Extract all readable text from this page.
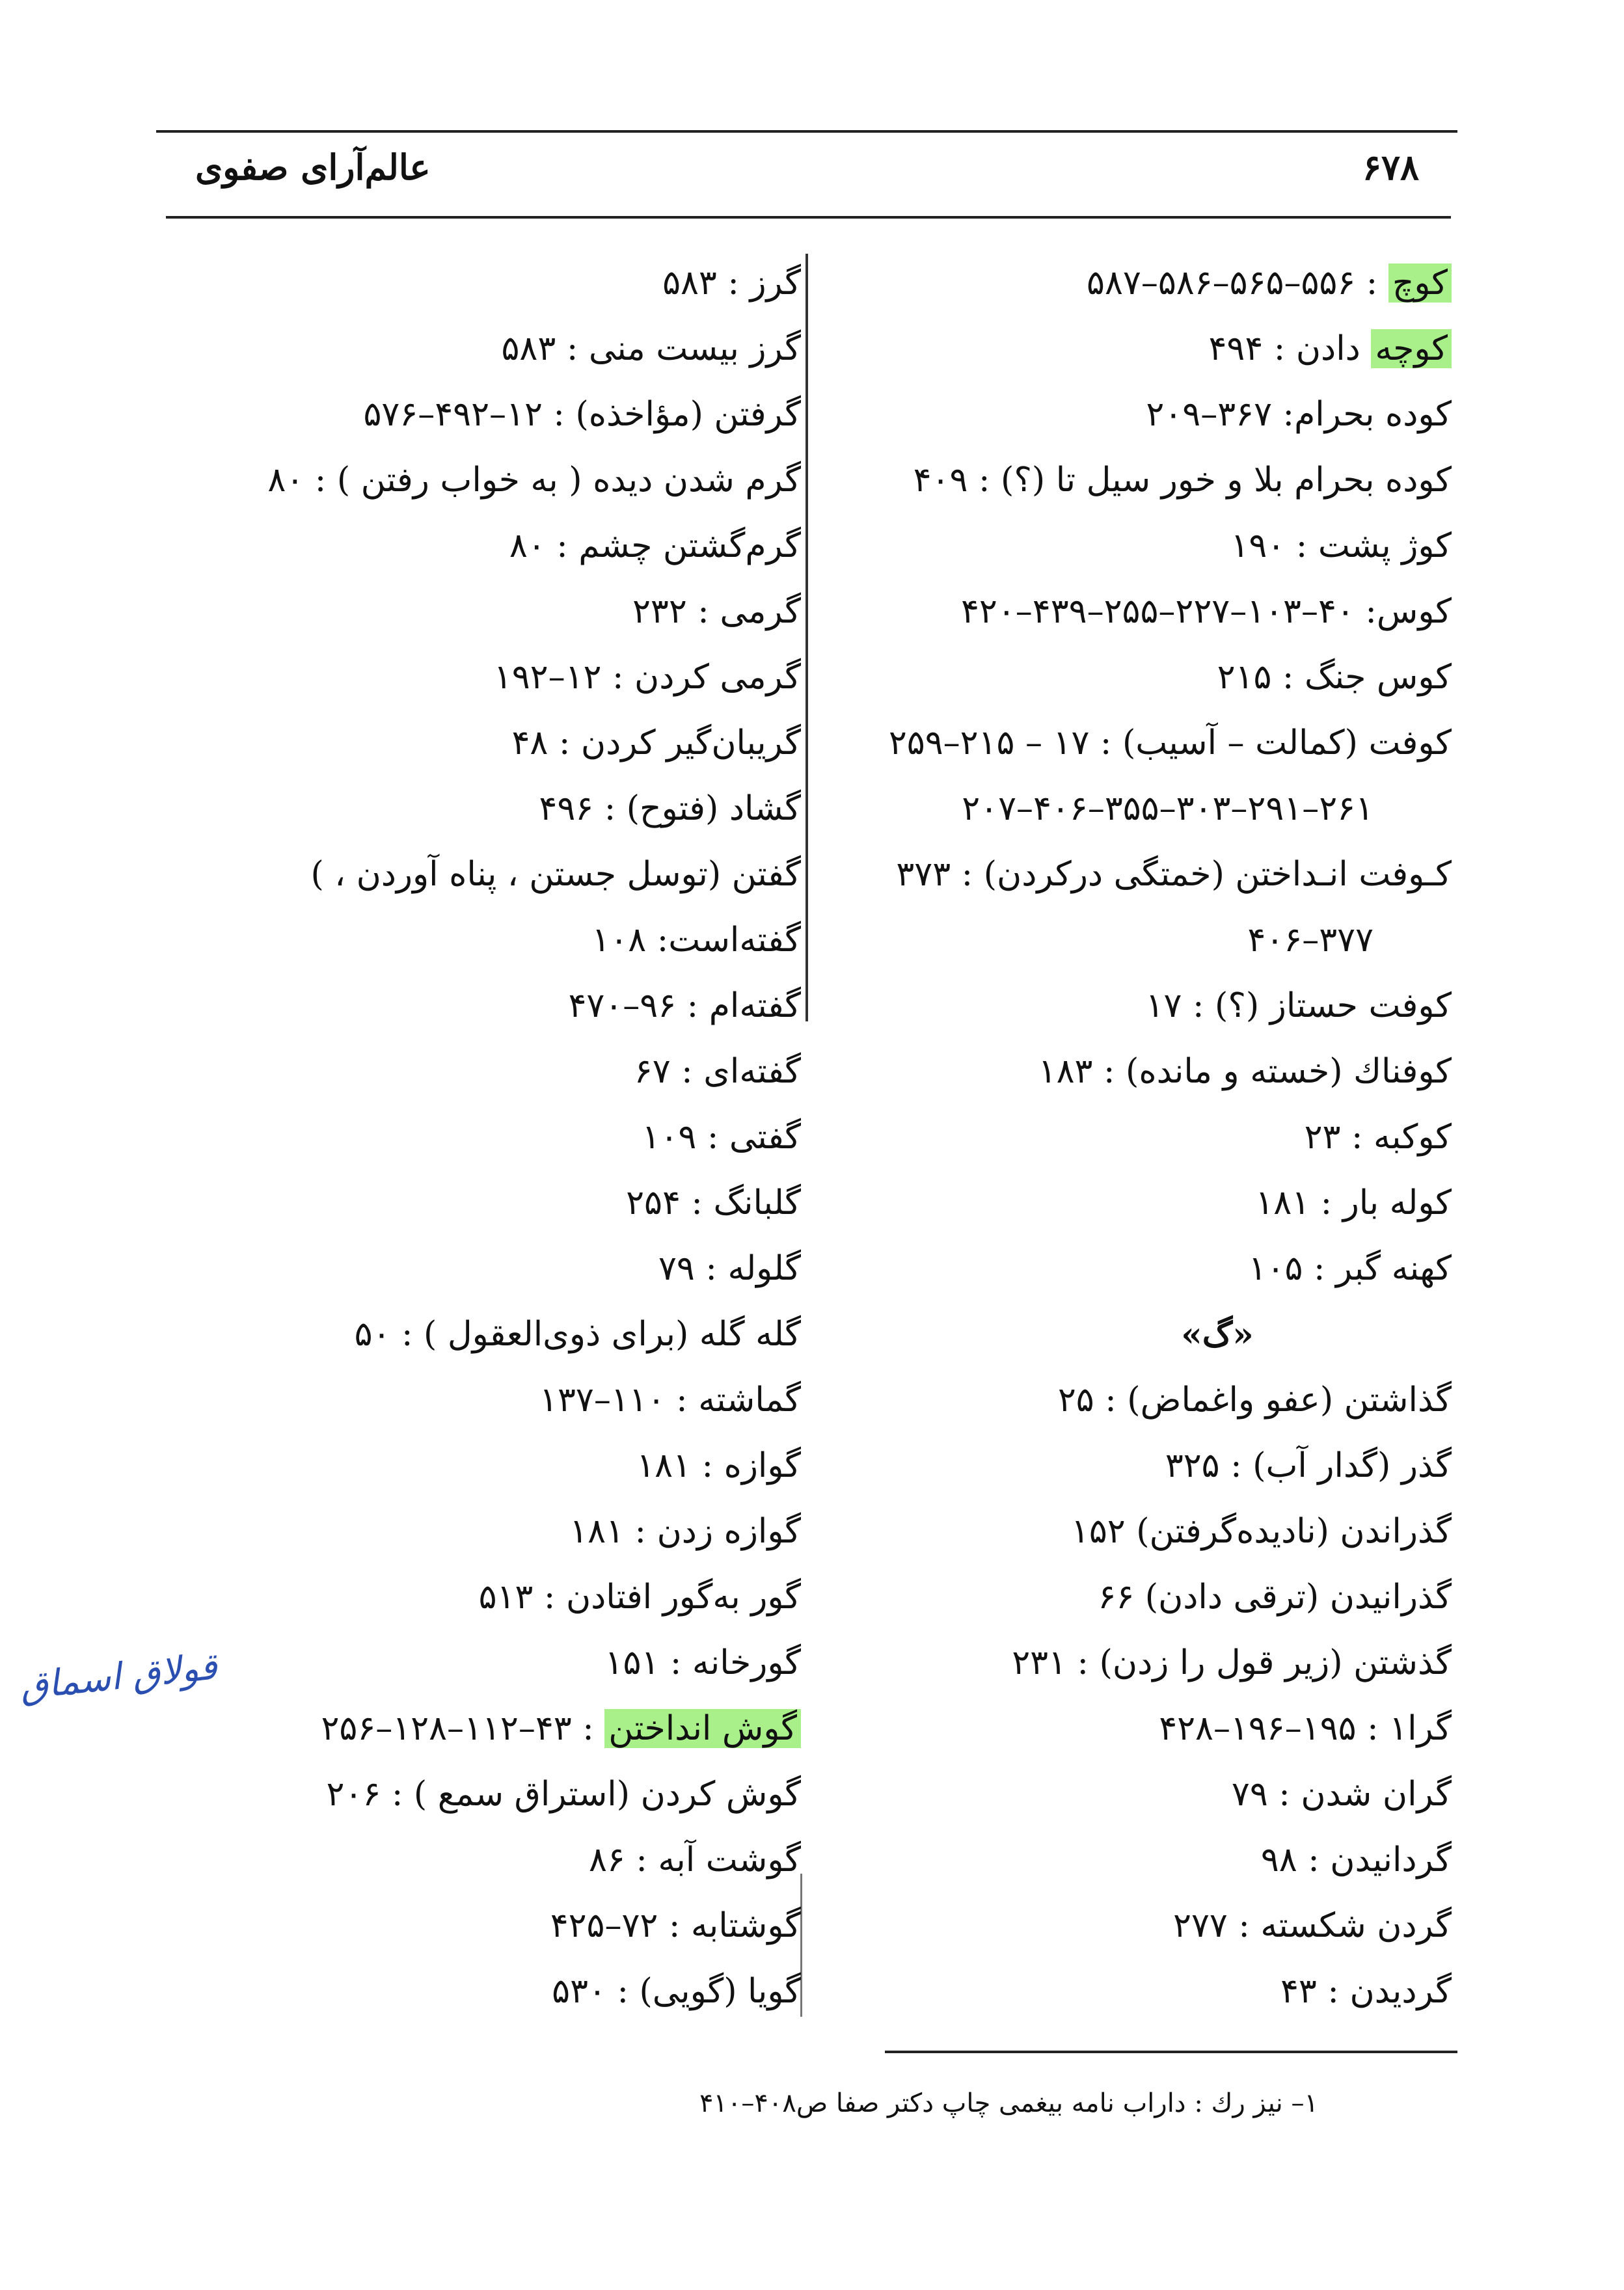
عالم‌آرای صفوی	۶۷۸
کوچ : ۵۵۶–۵۶۵–۵۸۶–۵۸۷
کوچه دادن : ۴۹۴
کوده بحرام: ۳۶۷–۲۰۹
کوده بحرام بلا و خور سیل تا (؟) : ۴۰۹
کوژ پشت : ۱۹۰
کوس: ۴۰–۱۰۳–۲۲۷–۲۵۵–۴۳۹–۴۲۰
کوس جنگ : ۲۱۵
کوفت (کمالت – آسیب) : ۱۷ – ۲۱۵–۲۵۹
۲۶۱–۲۹۱–۳۰۳–۳۵۵–۴۰۶–۲۰۷
کـوفت انـداختن (خمتگی درکردن) : ۳۷۳
۳۷۷–۴۰۶
کوفت حستاز (؟) : ۱۷
کوفناك (خسته و مانده) : ۱۸۳
کوکبه : ۲۳
کوله بار : ۱۸۱
کهنه گبر : ۱۰۵
«گ»
گذاشتن (عفو واغماض) : ۲۵
گذر (گدار آب) : ۳۲۵
گذراندن (نادیده‌گرفتن) ۱۵۲
گذرانیدن (ترقی دادن) ۶۶
گذشتن (زیر قول را زدن) : ۲۳۱
گرا۱ : ۱۹۵–۱۹۶–۴۲۸
گران شدن : ۷۹
گردانیدن : ۹۸
گردن شکسته : ۲۷۷
گردیدن : ۴۳
گرز : ۵۸۳
گرز بیست منی : ۵۸۳
گرفتن (مؤاخذه) : ۱۲–۴۹۲–۵۷۶
گرم شدن دیده ( به خواب رفتن ) : ۸۰
گرم‌گشتن چشم : ۸۰
گرمی : ۲۳۲
گرمی کردن : ۱۲–۱۹۲
گریبان‌گیر کردن : ۴۸
گشاد (فتوح) : ۴۹۶
گفتن (توسل جستن ، پناه آوردن ، )
گفته‌است: ۱۰۸
گفته‌ام : ۹۶–۴۷۰
گفته‌ای : ۶۷
گفتی : ۱۰۹
گلبانگ : ۲۵۴
گلوله : ۷۹
گله گله (برای ذوی‌العقول ) : ۵۰
گماشته : ۱۱۰–۱۳۷
گوازه : ۱۸۱
گوازه زدن : ۱۸۱
گور به‌گور افتادن : ۵۱۳
گورخانه : ۱۵۱
گوش انداختن : ۴۳–۱۱۲–۱۲۸–۲۵۶
گوش کردن (استراق سمع ) : ۲۰۶
گوشت آبه : ۸۶
گوشتابه : ۷۲–۴۲۵
گویا (گویی) : ۵۳۰
قولاق اسماق
۱– نیز رك : داراب نامه بیغمی چاپ دکتر صفا ص۴۰۸–۴۱۰
